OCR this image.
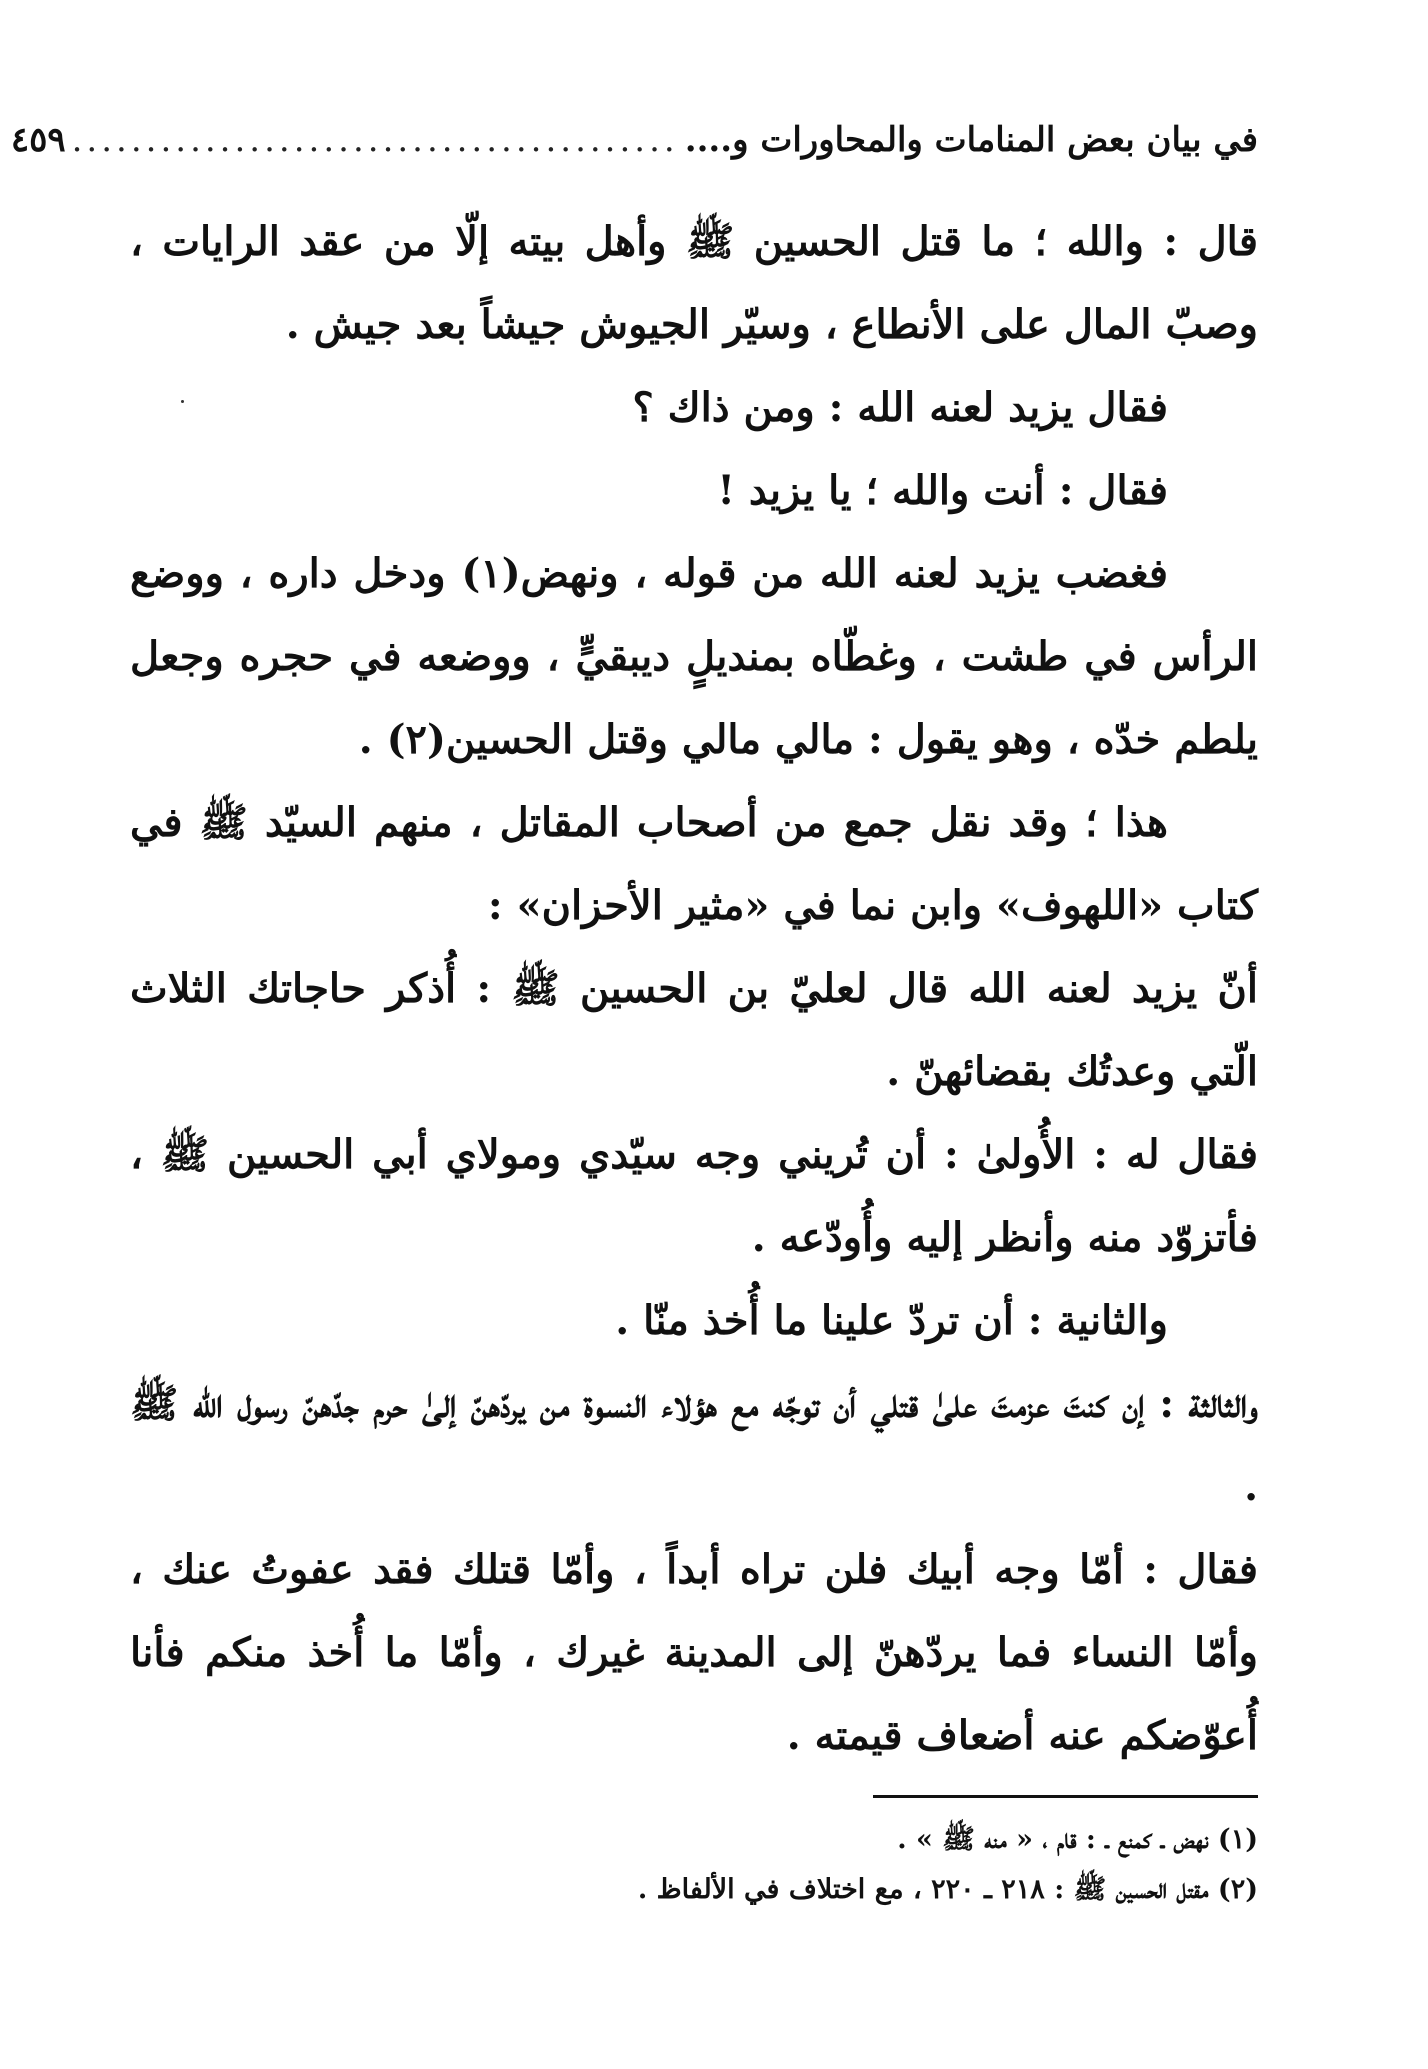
في بيان بعض المنامات والمحاورات و....
.........................................
٤٥٩

قال : والله ؛ ما قتل الحسين ﷺ وأهل بيته إلّا من عقد الرايات ، وصبّ المال على الأنطاع ، وسيّر الجيوش جيشاً بعد جيش .

فقال يزيد لعنه الله : ومن ذاك ؟

فقال : أنت والله ؛ يا يزيد !

فغضب يزيد لعنه الله من قوله ، ونهض(١) ودخل داره ، ووضع الرأس في طشت ، وغطّاه بمنديلٍ ديبقيٍّ ، ووضعه في حجره وجعل يلطم خدّه ، وهو يقول : مالي مالي وقتل الحسين(٢) .

هذا ؛ وقد نقل جمع من أصحاب المقاتل ، منهم السيّد ﷺ في كتاب «اللهوف» وابن نما في «مثير الأحزان» :

أنّ يزيد لعنه الله قال لعليّ بن الحسين ﷺ : أُذكر حاجاتك الثلاث الّتي وعدتُك بقضائهنّ .

فقال له : الأُولىٰ : أن تُريني وجه سيّدي ومولاي أبي الحسين ﷺ ، فأتزوّد منه وأنظر إليه وأُودّعه .

والثانية : أن تردّ علينا ما أُخذ منّا .

والثالثة : إن كنتَ عزمتَ علىٰ قتلي أن توجّه مع هؤلاء النسوة من يردّهنّ إلىٰ حرم جدّهنّ رسول الله ﷺ .

فقال : أمّا وجه أبيك فلن تراه أبداً ، وأمّا قتلك فقد عفوتُ عنك ، وأمّا النساء فما يردّهنّ إلى المدينة غيرك ، وأمّا ما أُخذ منكم فأنا أُعوّضكم عنه أضعاف قيمته .

(١) نهض ـ كمنع ـ : قام ، « منه ﷺ » .

(٢) مقتل الحسين ﷺ : ٢١٨ ـ ٢٢٠ ، مع اختلاف في الألفاظ .
